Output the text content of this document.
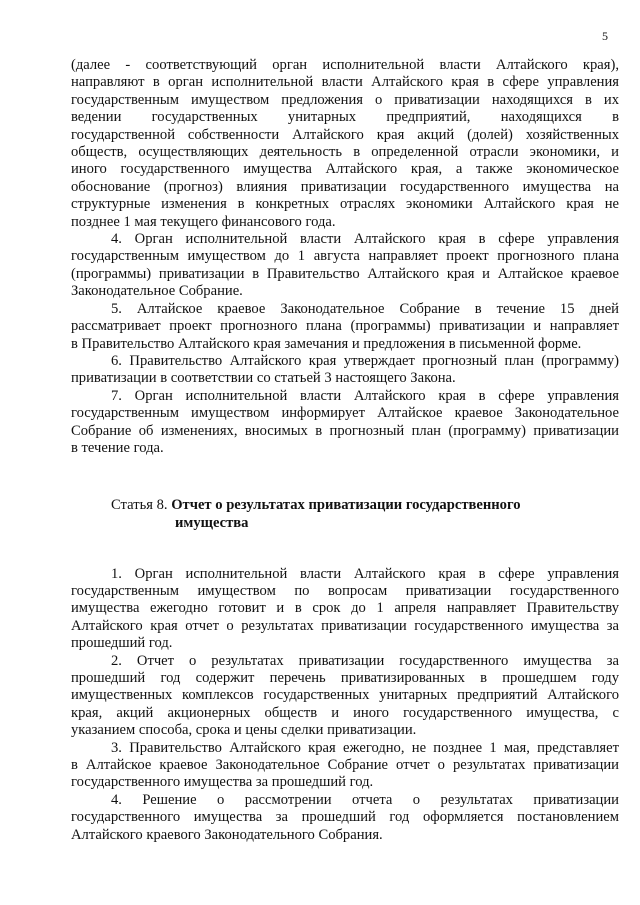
5

(далее - соответствующий орган исполнительной власти Алтайского края),
направляют в орган исполнительной власти Алтайского края в сфере управления
государственным имуществом предложения о приватизации находящихся в их
ведении государственных унитарных предприятий, находящихся в
государственной собственности Алтайского края акций (долей) хозяйственных
обществ, осуществляющих деятельность в определенной отрасли экономики, и
иного государственного имущества Алтайского края, а также экономическое
обоснование (прогноз) влияния приватизации государственного имущества на
структурные изменения в конкретных отраслях экономики Алтайского края не
позднее 1 мая текущего финансового года.

4. Орган исполнительной власти Алтайского края в сфере управления
государственным имуществом до 1 августа направляет проект прогнозного плана
(программы) приватизации в Правительство Алтайского края и Алтайское краевое
Законодательное Собрание.

5. Алтайское краевое Законодательное Собрание в течение 15 дней
рассматривает проект прогнозного плана (программы) приватизации и направляет
в Правительство Алтайского края замечания и предложения в письменной форме.

6. Правительство Алтайского края утверждает прогнозный план (программу)
приватизации в соответствии со статьей 3 настоящего Закона.

7. Орган исполнительной власти Алтайского края в сфере управления
государственным имуществом информирует Алтайское краевое Законодательное
Собрание об изменениях, вносимых в прогнозный план (программу) приватизации
в течение года.

Статья 8. Отчет о результатах приватизации государственного
имущества

1. Орган исполнительной власти Алтайского края в сфере управления
государственным имуществом по вопросам приватизации государственного
имущества ежегодно готовит и в срок до 1 апреля направляет Правительству
Алтайского края отчет о результатах приватизации государственного имущества за
прошедший год.

2. Отчет о результатах приватизации государственного имущества за
прошедший год содержит перечень приватизированных в прошедшем году
имущественных комплексов государственных унитарных предприятий Алтайского
края, акций акционерных обществ и иного государственного имущества, с
указанием способа, срока и цены сделки приватизации.

3. Правительство Алтайского края ежегодно, не позднее 1 мая, представляет
в Алтайское краевое Законодательное Собрание отчет о результатах приватизации
государственного имущества за прошедший год.

4. Решение о рассмотрении отчета о результатах приватизации
государственного имущества за прошедший год оформляется постановлением
Алтайского краевого Законодательного Собрания.
